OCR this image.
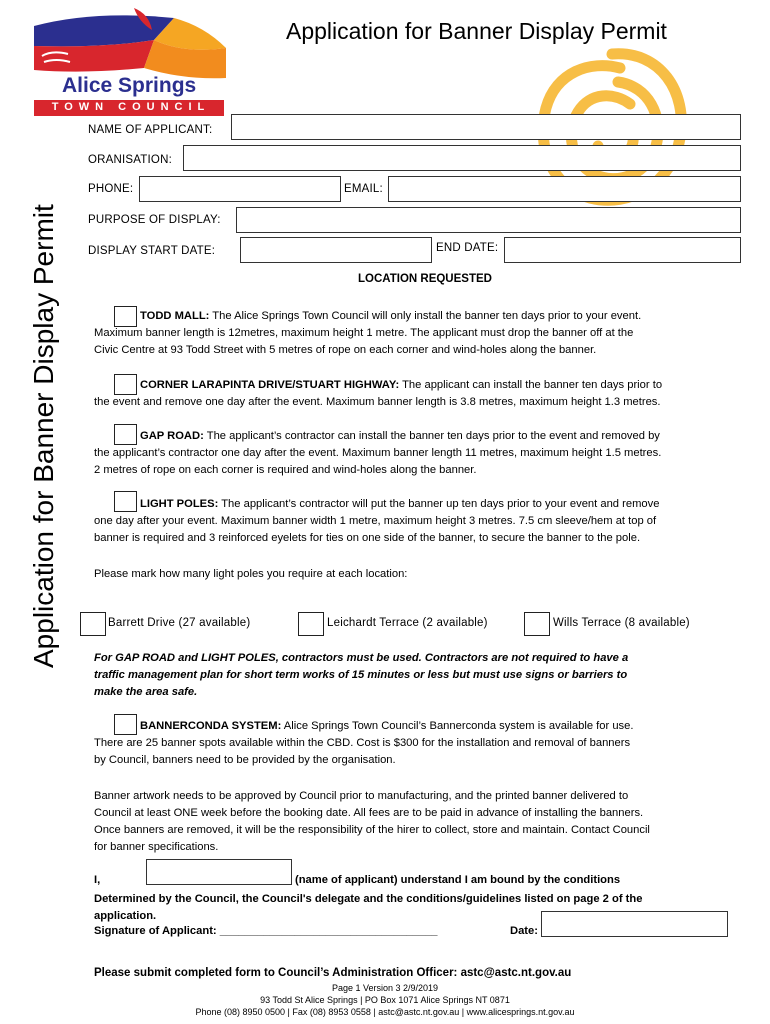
Alice Springs
TOWN COUNCIL
Application for Banner Display Permit
Application for Banner Display Permit
NAME OF APPLICANT:
ORANISATION:
PHONE:	EMAIL:
PURPOSE OF DISPLAY:
DISPLAY START DATE:	END DATE:
LOCATION REQUESTED
TODD MALL: The Alice Springs Town Council will only install the banner ten days prior to your event.
Maximum banner length is 12metres, maximum height 1 metre. The applicant must drop the banner off at the
Civic Centre at 93 Todd Street with 5 metres of rope on each corner and wind-holes along the banner.
CORNER LARAPINTA DRIVE/STUART HIGHWAY: The applicant can install the banner ten days prior to
the event and remove one day after the event. Maximum banner length is 3.8 metres, maximum height 1.3 metres.
GAP ROAD: The applicant’s contractor can install the banner ten days prior to the event and removed by
the applicant’s contractor one day after the event. Maximum banner length 11 metres, maximum height 1.5 metres.
2 metres of rope on each corner is required and wind-holes along the banner.
LIGHT POLES: The applicant’s contractor will put the banner up ten days prior to your event and remove
one day after your event. Maximum banner width 1 metre, maximum height 3 metres. 7.5 cm sleeve/hem at top of
banner is required and 3 reinforced eyelets for ties on one side of the banner, to secure the banner to the pole.
Please mark how many light poles you require at each location:
Barrett Drive (27 available)	Leichardt Terrace (2 available)	Wills Terrace (8 available)
For GAP ROAD and LIGHT POLES, contractors must be used. Contractors are not required to have a
traffic management plan for short term works of 15 minutes or less but must use signs or barriers to
make the area safe.
BANNERCONDA SYSTEM: Alice Springs Town Council’s Bannerconda system is available for use.
There are 25 banner spots available within the CBD. Cost is $300 for the installation and removal of banners
by Council, banners need to be provided by the organisation.
Banner artwork needs to be approved by Council prior to manufacturing, and the printed banner delivered to
Council at least ONE week before the booking date. All fees are to be paid in advance of installing the banners.
Once banners are removed, it will be the responsibility of the hirer to collect, store and maintain. Contact Council
for banner specifications.
I,	(name of applicant) understand I am bound by the conditions
Determined by the Council, the Council's delegate and the conditions/guidelines listed on page 2 of the
application.
Signature of Applicant: ___________________________________	Date:
Please submit completed form to Council’s Administration Officer: astc@astc.nt.gov.au
Page 1 Version 3 2/9/2019
93 Todd St Alice Springs | PO Box 1071 Alice Springs NT 0871
Phone (08) 8950 0500 | Fax (08) 8953 0558 | astc@astc.nt.gov.au | www.alicesprings.nt.gov.au
